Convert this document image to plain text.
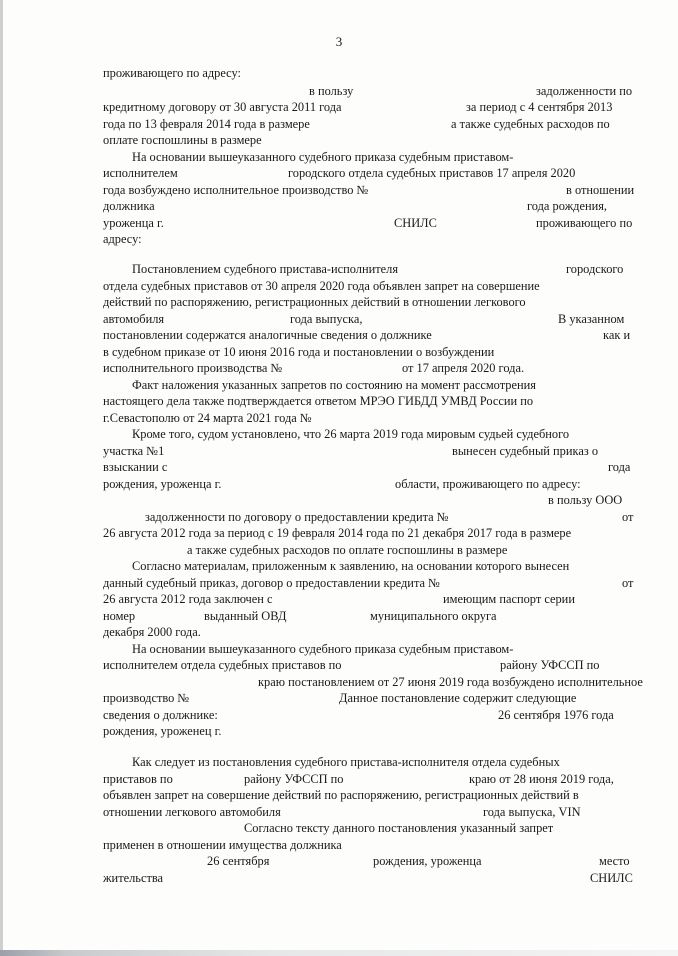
3
проживающего по адресу:
в пользу	задолженности по
кредитному договору от 30 августа 2011 года	за период с 4 сентября 2013
года по 13 февраля 2014 года в размере	а также судебных расходов по
оплате госпошлины в размере
На основании вышеуказанного судебного приказа судебным приставом-
исполнителем	городского отдела судебных приставов 17 апреля 2020
года возбуждено исполнительное производство №	в отношении
должника	года рождения,
уроженца г.	СНИЛС	проживающего по
адресу:
Постановлением судебного пристава-исполнителя	городского
отдела судебных приставов от 30 апреля 2020 года объявлен запрет на совершение
действий по распоряжению, регистрационных действий в отношении легкового
автомобиля	года выпуска,	В указанном
постановлении содержатся аналогичные сведения о должнике	как и
в судебном приказе от 10 июня 2016 года и постановлении о возбуждении
исполнительного производства №	от 17 апреля 2020 года.
Факт наложения указанных запретов по состоянию на момент рассмотрения
настоящего дела также подтверждается ответом МРЭО ГИБДД УМВД России по
г.Севастополю от 24 марта 2021 года №
Кроме того, судом установлено, что 26 марта 2019 года мировым судьей судебного
участка №1	вынесен судебный приказ о
взыскании с	года
рождения, уроженца г.	области, проживающего по адресу:
в пользу ООО
задолженности по договору о предоставлении кредита №	от
26 августа 2012 года за период с 19 февраля 2014 года по 21 декабря 2017 года в размере
а также судебных расходов по оплате госпошлины в размере
Согласно материалам, приложенным к заявлению, на основании которого вынесен
данный судебный приказ, договор о предоставлении кредита №	от
26 августа 2012 года заключен с	имеющим паспорт серии
номер	выданный ОВД	муниципального округа
декабря 2000 года.
На основании вышеуказанного судебного приказа судебным приставом-
исполнителем отдела судебных приставов по	району УФССП по
краю постановлением от 27 июня 2019 года возбуждено исполнительное
производство №	Данное постановление содержит следующие
сведения о должнике:	26 сентября 1976 года
рождения, уроженец г.
Как следует из постановления судебного пристава-исполнителя отдела судебных
приставов по	району УФССП по	краю от 28 июня 2019 года,
объявлен запрет на совершение действий по распоряжению, регистрационных действий в
отношении легкового автомобиля	года выпуска, VIN
Согласно тексту данного постановления указанный запрет
применен в отношении имущества должника
26 сентября	рождения, уроженца	место
жительства	СНИЛС
